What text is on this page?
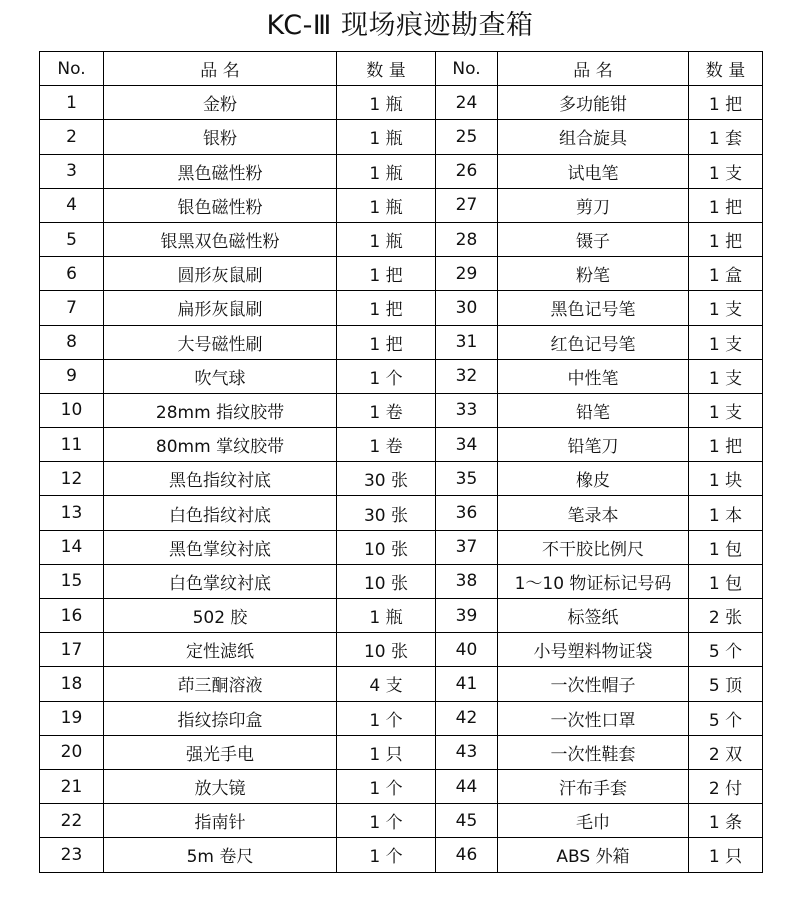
KC-Ⅲ 现场痕迹勘查箱
No.	品 名	数 量	No.	品 名	数 量
1	金粉	1 瓶	24	多功能钳	1 把
2	银粉	1 瓶	25	组合旋具	1 套
3	黑色磁性粉	1 瓶	26	试电笔	1 支
4	银色磁性粉	1 瓶	27	剪刀	1 把
5	银黑双色磁性粉	1 瓶	28	镊子	1 把
6	圆形灰鼠刷	1 把	29	粉笔	1 盒
7	扁形灰鼠刷	1 把	30	黑色记号笔	1 支
8	大号磁性刷	1 把	31	红色记号笔	1 支
9	吹气球	1 个	32	中性笔	1 支
10	28mm 指纹胶带	1 卷	33	铅笔	1 支
11	80mm 掌纹胶带	1 卷	34	铅笔刀	1 把
12	黑色指纹衬底	30 张	35	橡皮	1 块
13	白色指纹衬底	30 张	36	笔录本	1 本
14	黑色掌纹衬底	10 张	37	不干胶比例尺	1 包
15	白色掌纹衬底	10 张	38	1～10 物证标记号码	1 包
16	502 胶	1 瓶	39	标签纸	2 张
17	定性滤纸	10 张	40	小号塑料物证袋	5 个
18	茚三酮溶液	4 支	41	一次性帽子	5 顶
19	指纹捺印盒	1 个	42	一次性口罩	5 个
20	强光手电	1 只	43	一次性鞋套	2 双
21	放大镜	1 个	44	汗布手套	2 付
22	指南针	1 个	45	毛巾	1 条
23	5m 卷尺	1 个	46	ABS 外箱	1 只
